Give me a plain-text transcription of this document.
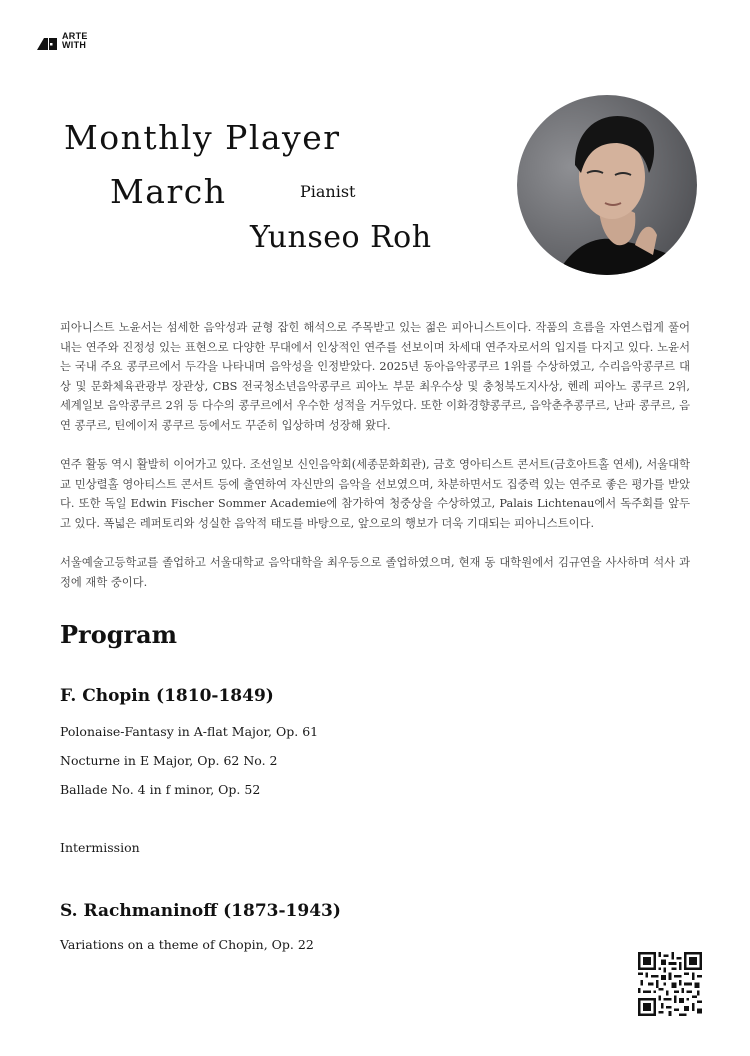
ARTE
WITH
Monthly Player
March	Pianist
Yunseo Roh

피아니스트 노윤서는 섬세한 음악성과 균형 잡힌 해석으로 주목받고 있는 젊은 피아니스트이다. 작품의 흐름을 자연스럽게 풀어내는 연주와 진정성 있는 표현으로 다양한 무대에서 인상적인 연주를 선보이며 차세대 연주자로서의 입지를 다지고 있다. 노윤서는 국내 주요 콩쿠르에서 두각을 나타내며 음악성을 인정받았다. 2025년 동아음악콩쿠르 1위를 수상하였고, 수리음악콩쿠르 대상 및 문화체육관광부 장관상, CBS 전국청소년음악콩쿠르 피아노 부문 최우수상 및 충청북도지사상, 헨레 피아노 콩쿠르 2위, 세계일보 음악콩쿠르 2위 등 다수의 콩쿠르에서 우수한 성적을 거두었다. 또한 이화경향콩쿠르, 음악춘추콩쿠르, 난파 콩쿠르, 음연 콩쿠르, 틴에이저 콩쿠르 등에서도 꾸준히 입상하며 성장해 왔다.

연주 활동 역시 활발히 이어가고 있다. 조선일보 신인음악회(세종문화회관), 금호 영아티스트 콘서트(금호아트홀 연세), 서울대학교 민상렬홀 영아티스트 콘서트 등에 출연하여 자신만의 음악을 선보였으며, 차분하면서도 집중력 있는 연주로 좋은 평가를 받았다. 또한 독일 Edwin Fischer Sommer Academie에 참가하여 청중상을 수상하였고, Palais Lichtenau에서 독주회를 앞두고 있다. 폭넓은 레퍼토리와 성실한 음악적 태도를 바탕으로, 앞으로의 행보가 더욱 기대되는 피아니스트이다.

서울예술고등학교를 졸업하고 서울대학교 음악대학을 최우등으로 졸업하였으며, 현재 동 대학원에서 김규연을 사사하며 석사 과정에 재학 중이다.

Program
F. Chopin (1810-1849)
Polonaise-Fantasy in A-flat Major, Op. 61
Nocturne in E Major, Op. 62 No. 2
Ballade No. 4 in f minor, Op. 52
Intermission
S. Rachmaninoff (1873-1943)
Variations on a theme of Chopin, Op. 22
